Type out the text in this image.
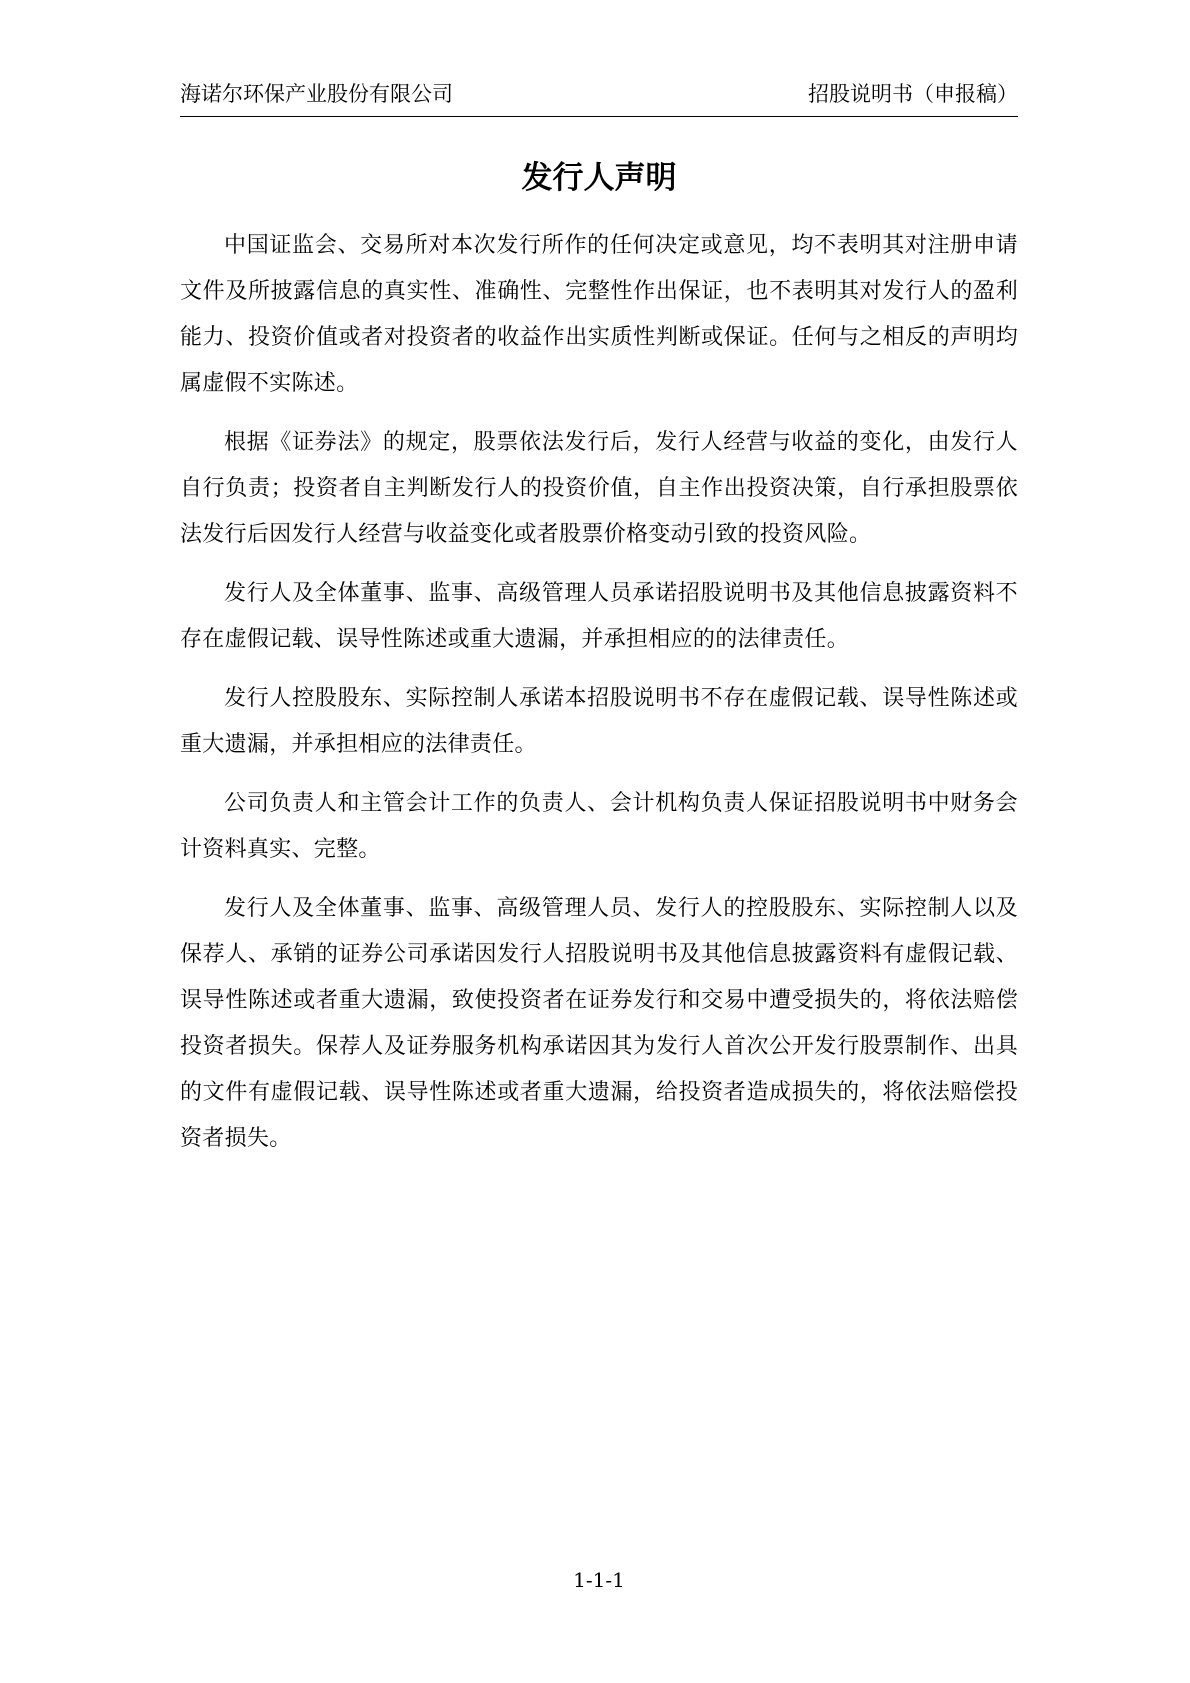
海诺尔环保产业股份有限公司	招股说明书（申报稿）
发行人声明

中国证监会、交易所对本次发行所作的任何决定或意见，均不表明其对注册申请文件及所披露信息的真实性、准确性、完整性作出保证，也不表明其对发行人的盈利能力、投资价值或者对投资者的收益作出实质性判断或保证。任何与之相反的声明均属虚假不实陈述。

根据《证券法》的规定，股票依法发行后，发行人经营与收益的变化，由发行人自行负责；投资者自主判断发行人的投资价值，自主作出投资决策，自行承担股票依法发行后因发行人经营与收益变化或者股票价格变动引致的投资风险。

发行人及全体董事、监事、高级管理人员承诺招股说明书及其他信息披露资料不存在虚假记载、误导性陈述或重大遗漏，并承担相应的的法律责任。

发行人控股股东、实际控制人承诺本招股说明书不存在虚假记载、误导性陈述或重大遗漏，并承担相应的法律责任。

公司负责人和主管会计工作的负责人、会计机构负责人保证招股说明书中财务会计资料真实、完整。

发行人及全体董事、监事、高级管理人员、发行人的控股股东、实际控制人以及保荐人、承销的证券公司承诺因发行人招股说明书及其他信息披露资料有虚假记载、误导性陈述或者重大遗漏，致使投资者在证券发行和交易中遭受损失的，将依法赔偿投资者损失。保荐人及证券服务机构承诺因其为发行人首次公开发行股票制作、出具的文件有虚假记载、误导性陈述或者重大遗漏，给投资者造成损失的，将依法赔偿投资者损失。

1-1-1
